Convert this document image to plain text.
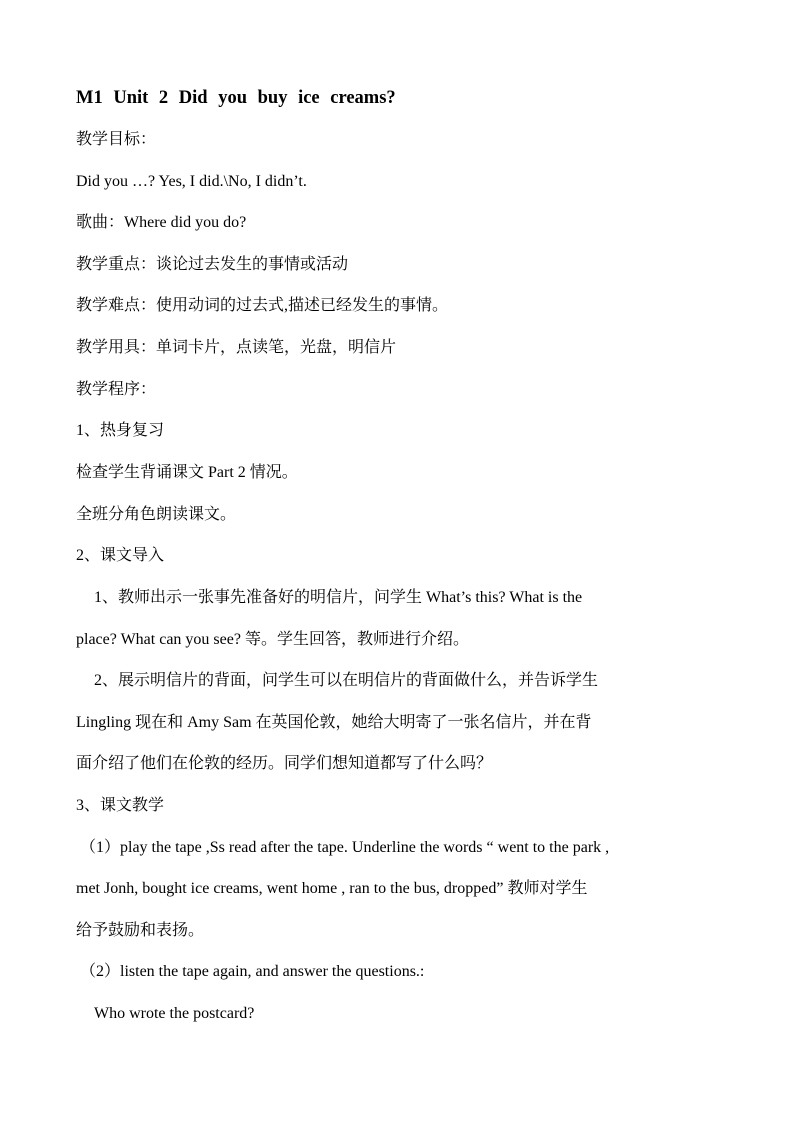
M1 Unit 2 Did you buy ice creams?
教学目标：
Did you …? Yes, I did.\No, I didn’t.
歌曲：Where did you do?
教学重点：谈论过去发生的事情或活动
教学难点：使用动词的过去式,描述已经发生的事情。
教学用具：单词卡片，点读笔，光盘，明信片
教学程序：
1、热身复习
检查学生背诵课文 Part 2 情况。
全班分角色朗读课文。
2、课文导入
1、教师出示一张事先准备好的明信片，问学生 What’s this? What is the
place? What can you see? 等。学生回答，教师进行介绍。
2、展示明信片的背面，问学生可以在明信片的背面做什么，并告诉学生
Lingling 现在和 Amy Sam 在英国伦敦，她给大明寄了一张名信片，并在背
面介绍了他们在伦敦的经历。同学们想知道都写了什么吗？
3、课文教学
（1）play the tape ,Ss read after the tape. Underline the words “ went to the park ,
met Jonh, bought ice creams, went home , ran to the bus, dropped” 教师对学生
给予鼓励和表扬。
（2）listen the tape again, and answer the questions.:
Who wrote the postcard?
